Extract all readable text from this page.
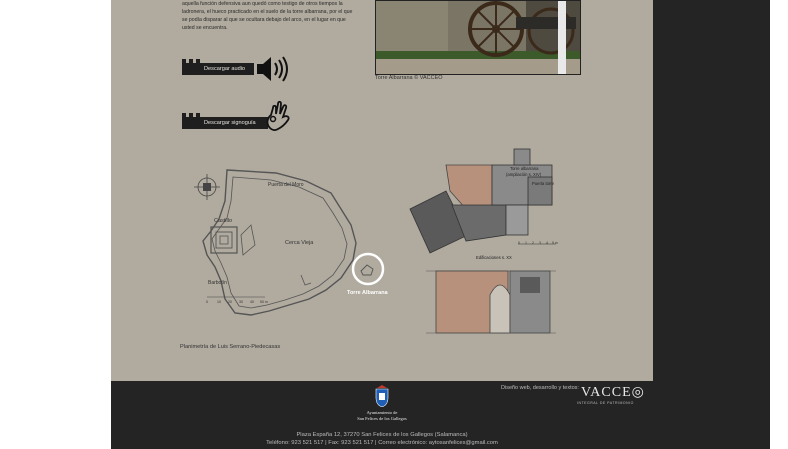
aquella función defensiva aun quedó como testigo de otros tiempos la ladronera, el hueco practicado en el suelo de la torre albarrana, por el que se podía disparar al que se ocultara debajo del arco, en el lugar en que usted se encuentra.

Torre Albarrana © VACCEO
Descargar audio
Descargar signoguía
Puerta del Moro
Castillo
Cerca Vieja
Barbotín
Torre Albarrana
0	10 20 30 40 50 m
Torre albarrana
(ampliación s. XIV)
Puerta torre
Edificaciones s. XX
0 1 2 3 4 5 m
Planimetría de Luis Serrano-Piedecasas
Diseño web, desarrollo y textos: VACCE◎
INTEGRAL DE PATRIMONIO
Ayuntamiento de
San Felices de los Gallegos
Plaza España 12, 37270 San Felices de los Gallegos (Salamanca)
Teléfono: 923 521 517 | Fax: 923 521 517 | Correo electrónico: aytosanfelices@gmail.com
